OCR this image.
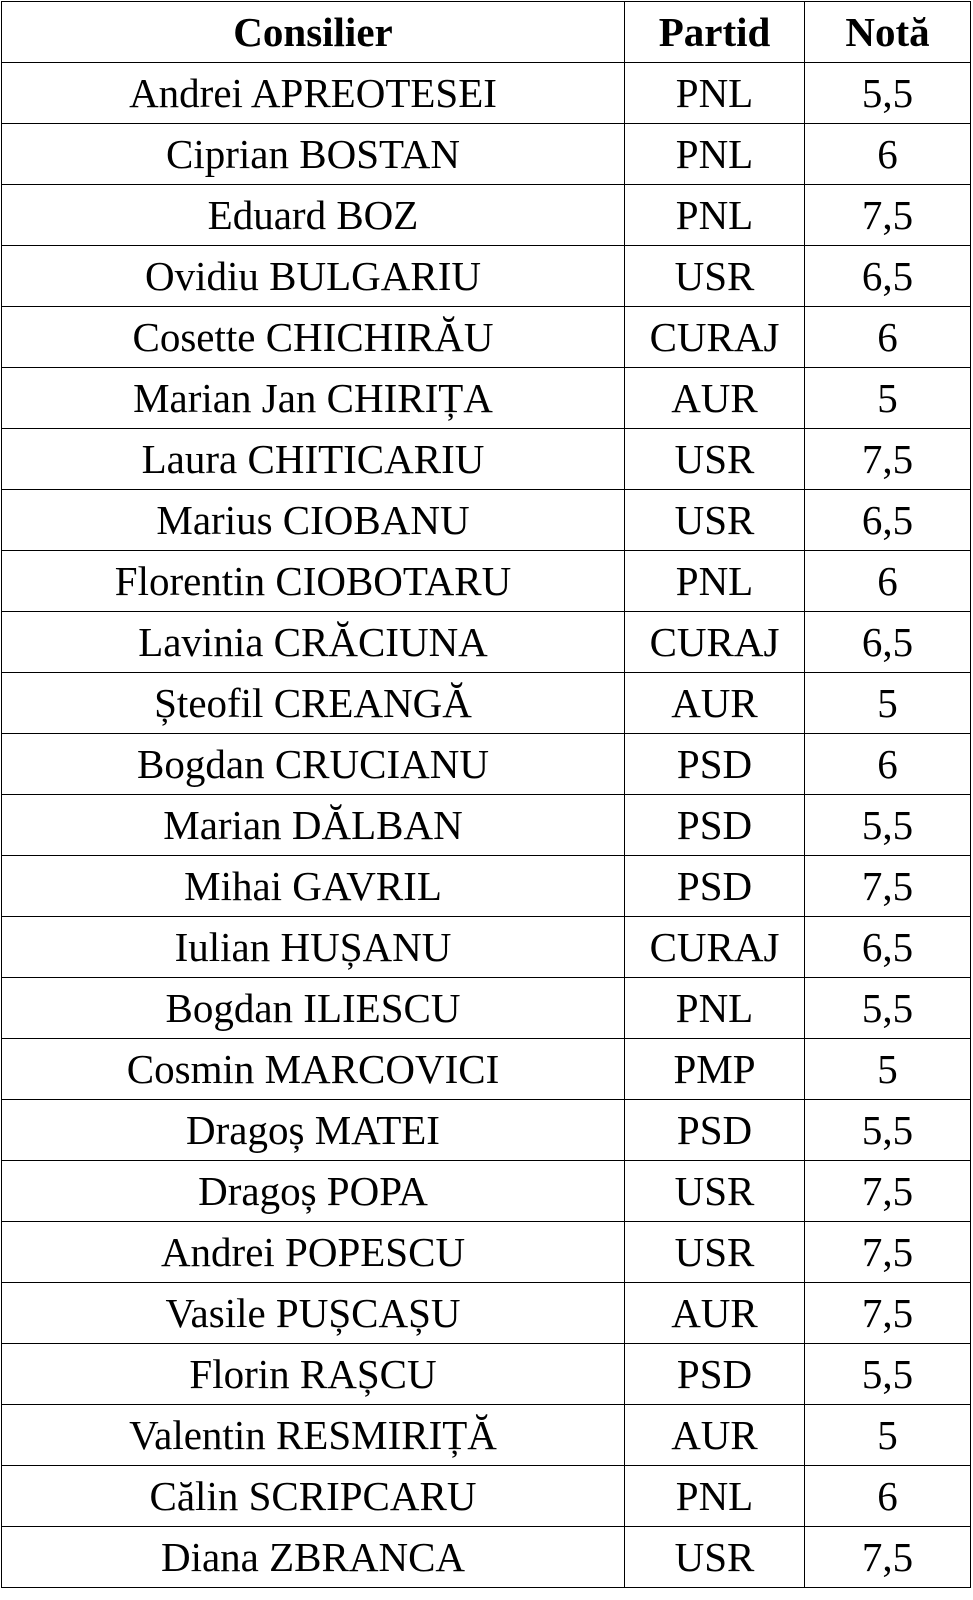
Consilier	Partid	Notă
Andrei APREOTESEI	PNL	5,5
Ciprian BOSTAN	PNL	6
Eduard BOZ	PNL	7,5
Ovidiu BULGARIU	USR	6,5
Cosette CHICHIRĂU	CURAJ	6
Marian Jan CHIRIȚA	AUR	5
Laura CHITICARIU	USR	7,5
Marius CIOBANU	USR	6,5
Florentin CIOBOTARU	PNL	6
Lavinia CRĂCIUNA	CURAJ	6,5
Șteofil CREANGĂ	AUR	5
Bogdan CRUCIANU	PSD	6
Marian DĂLBAN	PSD	5,5
Mihai GAVRIL	PSD	7,5
Iulian HUȘANU	CURAJ	6,5
Bogdan ILIESCU	PNL	5,5
Cosmin MARCOVICI	PMP	5
Dragoș MATEI	PSD	5,5
Dragoș POPA	USR	7,5
Andrei POPESCU	USR	7,5
Vasile PUȘCAȘU	AUR	7,5
Florin RAȘCU	PSD	5,5
Valentin RESMIRIȚĂ	AUR	5
Călin SCRIPCARU	PNL	6
Diana ZBRANCA	USR	7,5
